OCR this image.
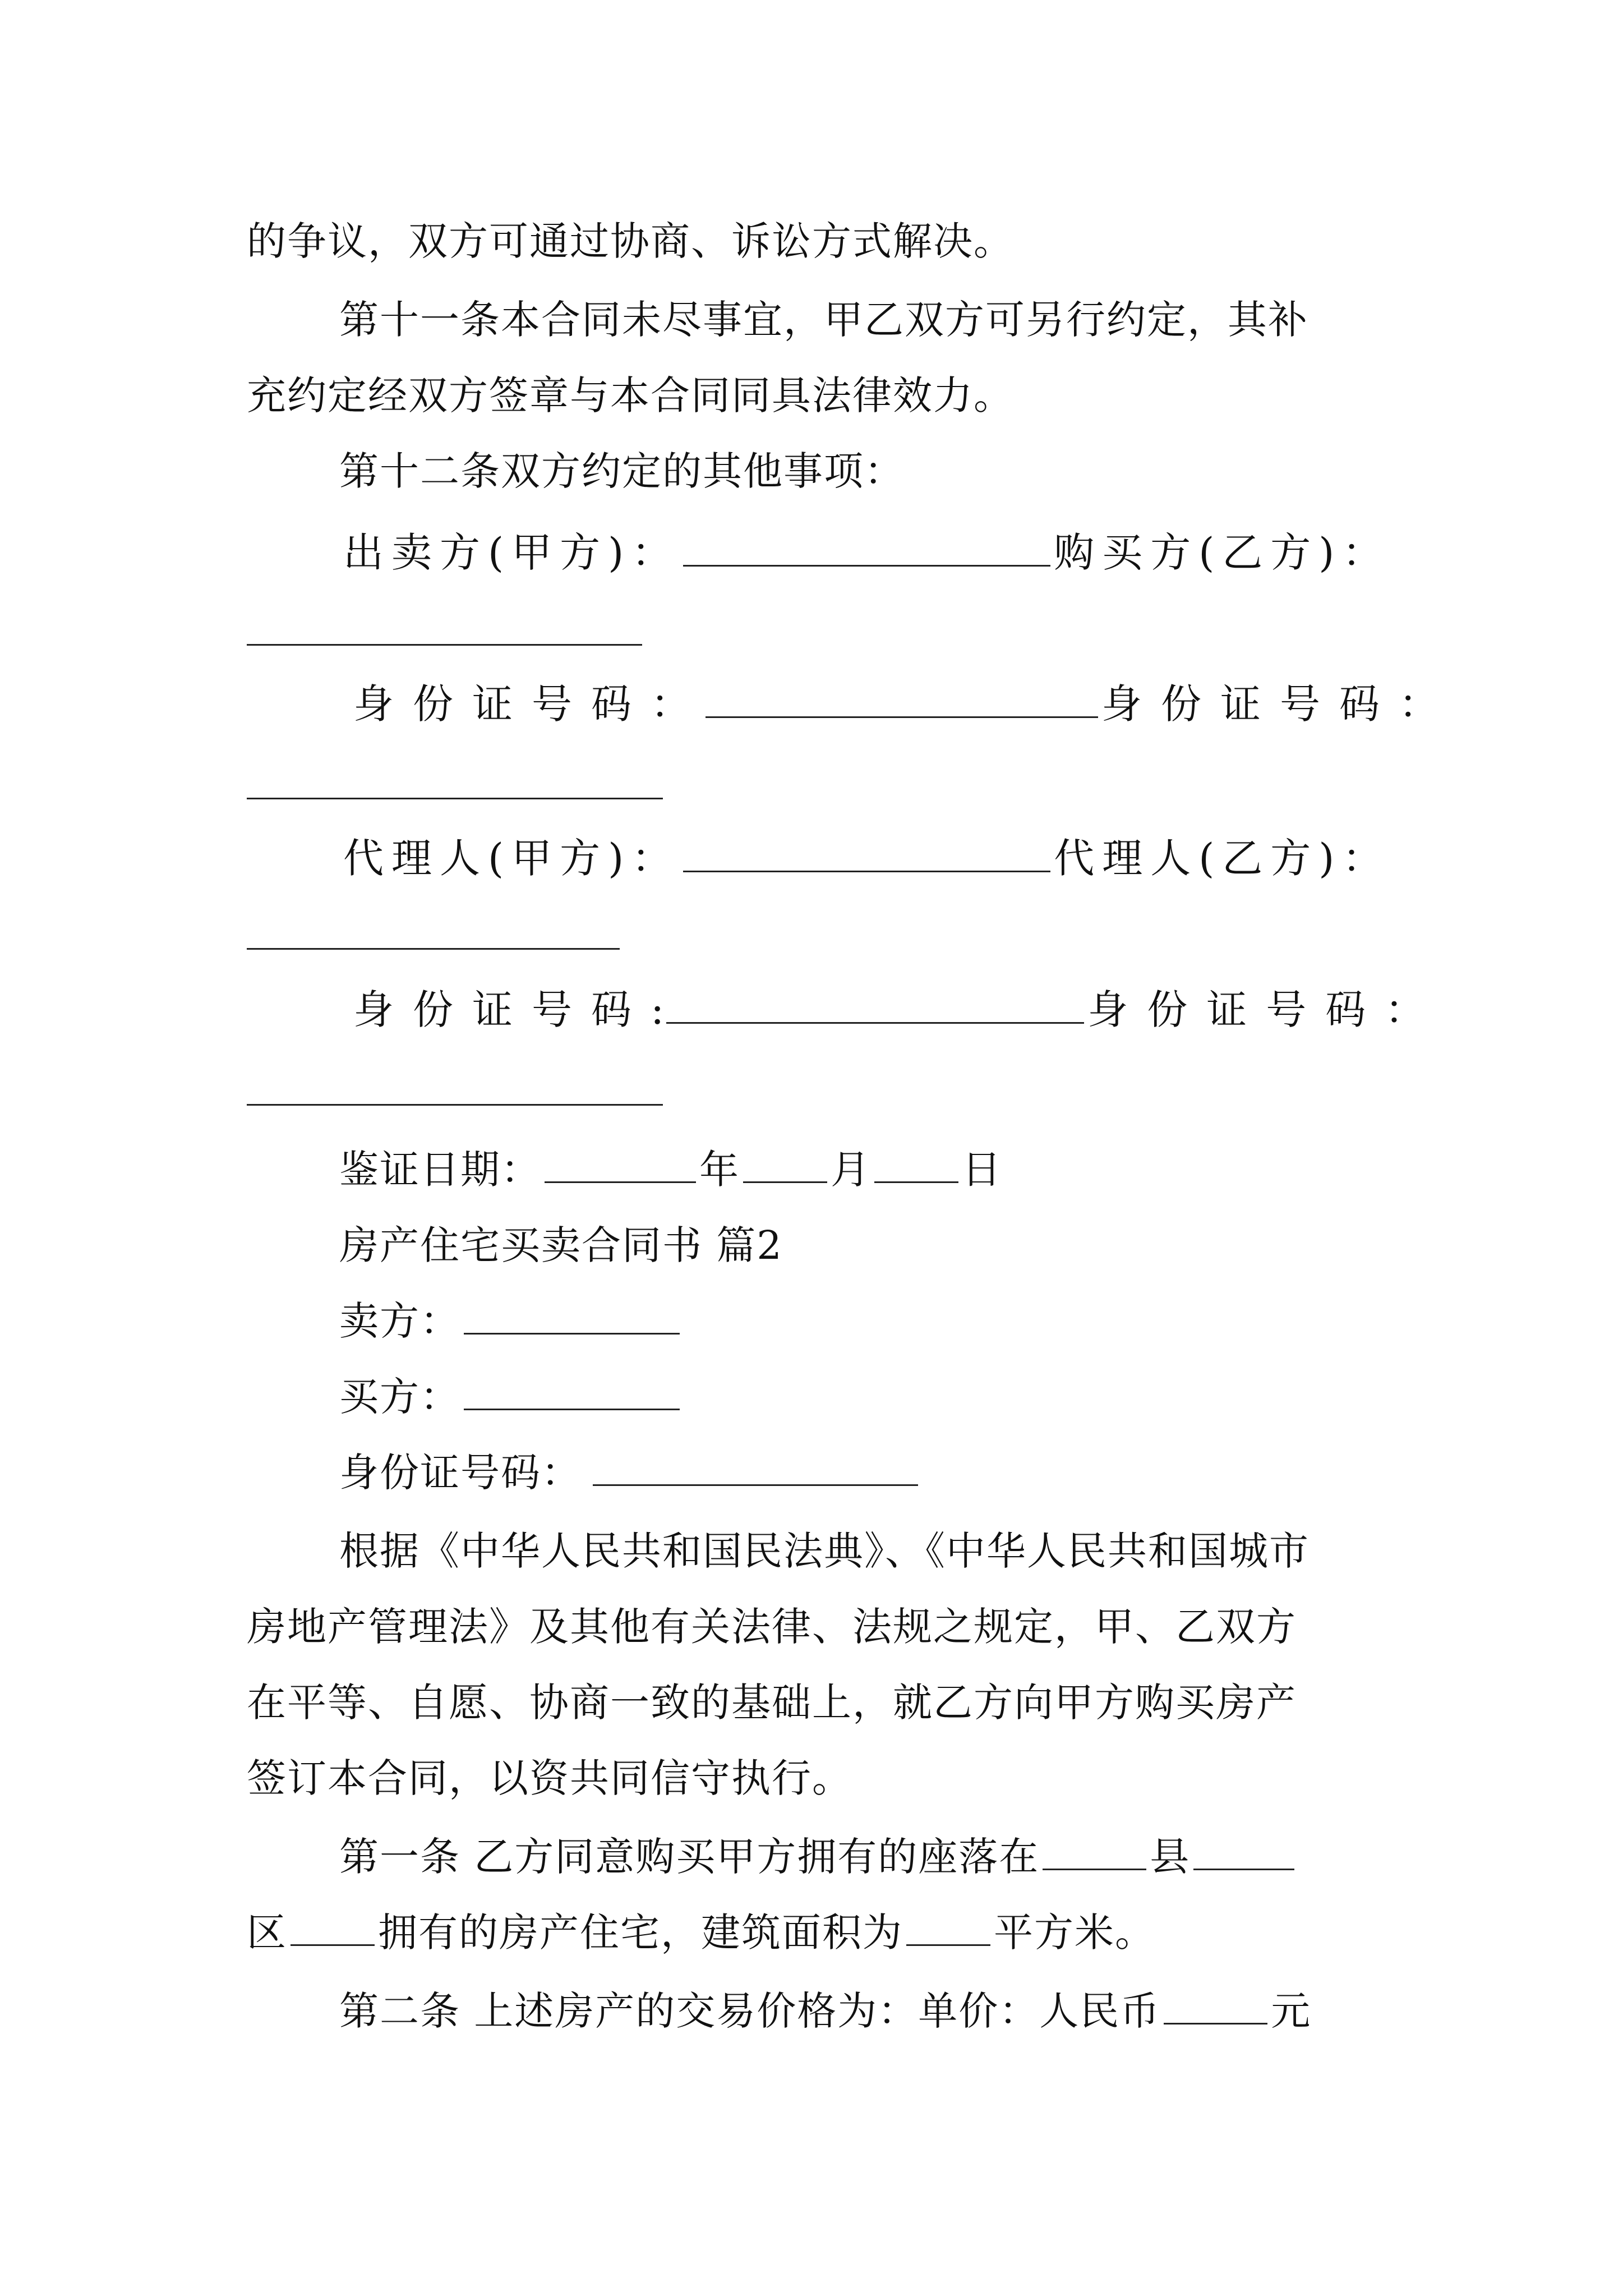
的争议，双方可通过协商、诉讼方式解决。
第十一条本合同未尽事宜，甲乙双方可另行约定，其补
充约定经双方签章与本合同同具法律效力。
第十二条双方约定的其他事项：
出卖方(甲方)：	购买方(乙方)：
身份证号码：	身份证号码：
代理人(甲方)：	代理人(乙方)：
身份证号码:	身份证号码：
鉴证日期：	年 月 日
房产住宅买卖合同书 篇2
卖方：
买方：
身份证号码：
根据《中华人民共和国民法典》、《中华人民共和国城市
房地产管理法》及其他有关法律、法规之规定，甲、乙双方
在平等、自愿、协商一致的基础上，就乙方向甲方购买房产
签订本合同，以资共同信守执行。
第一条 乙方同意购买甲方拥有的座落在	县
区 拥有的房产住宅，建筑面积为 平方米。
第二条 上述房产的交易价格为：单价：人民币	元
